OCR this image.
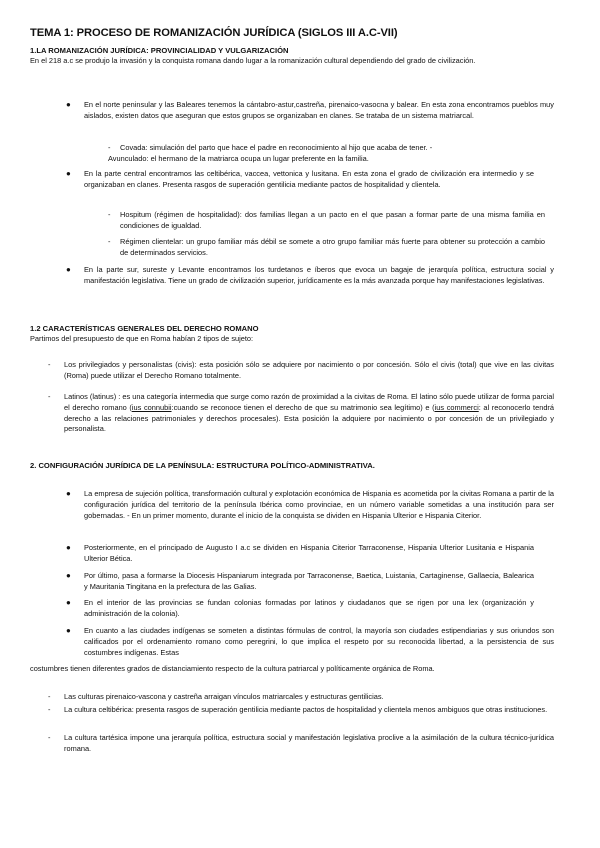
TEMA 1: PROCESO DE ROMANIZACIÓN JURÍDICA (SIGLOS III A.C-VII)
1.LA ROMANIZACIÓN JURÍDICA: PROVINCIALIDAD Y VULGARIZACIÓN
En el 218 a.c se produjo la invasión y la conquista romana dando lugar a la romanización cultural dependiendo del grado de civilización.
● En el norte peninsular y las Baleares tenemos la cántabro-astur,castreña, pirenaico-vasocna y balear. En esta zona encontramos pueblos muy aislados, existen datos que aseguran que estos grupos se organizaban en clanes. Se trataba de un sistema matriarcal.
- Covada: simulación del parto que hace el padre en reconocimiento al hijo que acaba de tener. -
Avunculado: el hermano de la matriarca ocupa un lugar preferente en la familia.
● En la parte central encontramos las celtibérica, vaccea, vettonica y lusitana. En esta zona el grado de civilización era intermedio y se organizaban en clanes. Presenta rasgos de superación gentilicia mediante pactos de hospitalidad y clientela.
- Hospitum (régimen de hospitalidad): dos familias llegan a un pacto en el que pasan a formar parte de una misma familia en condiciones de igualdad.
- Régimen clientelar: un grupo familiar más débil se somete a otro grupo familiar más fuerte para obtener su protección a cambio de determinados servicios.
● En la parte sur, sureste y Levante encontramos los turdetanos e íberos que evoca un bagaje de jerarquía política, estructura social y manifestación legislativa. Tiene un grado de civilización superior, jurídicamente es la más avanzada porque hay manifestaciones legislativas.
1.2 CARACTERÍSTICAS GENERALES DEL DERECHO ROMANO
Partimos del presupuesto de que en Roma habían 2 tipos de sujeto:
- Los privilegiados y personalistas (civis): esta posición sólo se adquiere por nacimiento o por concesión. Sólo el civis (total) que vive en las civitas (Roma) puede utilizar el Derecho Romano totalmente.
- Latinos (latinus) : es una categoría intermedia que surge como razón de proximidad a la civitas de Roma. El latino sólo puede utilizar de forma parcial el derecho romano (ius connubii:cuando se reconoce tienen el derecho de que su matrimonio sea legítimo) e (ius commerci: al reconocerlo tendrá derecho a las relaciones patrimoniales y derechos procesales). Esta posición la adquiere por nacimiento o por concesión de un privilegiado y personalista.
2. CONFIGURACIÓN JURÍDICA DE LA PENÍNSULA: ESTRUCTURA POLÍTICO-ADMINISTRATIVA.
● La empresa de sujeción política, transformación cultural y explotación económica de Hispania es acometida por la civitas Romana a partir de la configuración jurídica del territorio de la península Ibérica como provinciae, en un número variable sometidas a una institución para ser gobernadas. - En un primer momento, durante el inicio de la conquista se dividen en Hispania Ulterior e Hispania Citerior.
● Posteriormente, en el principado de Augusto I a.c se dividen en Hispania Citerior Tarraconense, Hispania Ulterior Lusitania e Hispania Ulterior Bética.
● Por último, pasa a formarse la Diocesis Hispaniarum integrada por Tarraconense, Baetica, Luistania, Cartaginense, Gallaecia, Balearica y Mauritania Tingitana en la prefectura de las Galias.
● En el interior de las provincias se fundan colonias formadas por latinos y ciudadanos que se rigen por una lex (organización y administración de la colonia).
● En cuanto a las ciudades indígenas se someten a distintas fórmulas de control, la mayoría son ciudades estipendiarias y sus oriundos son calificados por el ordenamiento romano como peregrini, lo que implica el respeto por su reconocida libertad, a la persistencia de sus costumbres indígenas. Estas
costumbres tienen diferentes grados de distanciamiento respecto de la cultura patriarcal y políticamente orgánica de Roma.
- Las culturas pirenaico-vascona y castreña arraigan vínculos matriarcales y estructuras gentilicias.
- La cultura celtibérica: presenta rasgos de superación gentilicia mediante pactos de hospitalidad y clientela menos ambiguos que otras instituciones.
- La cultura tartésica impone una jerarquía política, estructura social y manifestación legislativa proclive a la asimilación de la cultura técnico-jurídica romana.
